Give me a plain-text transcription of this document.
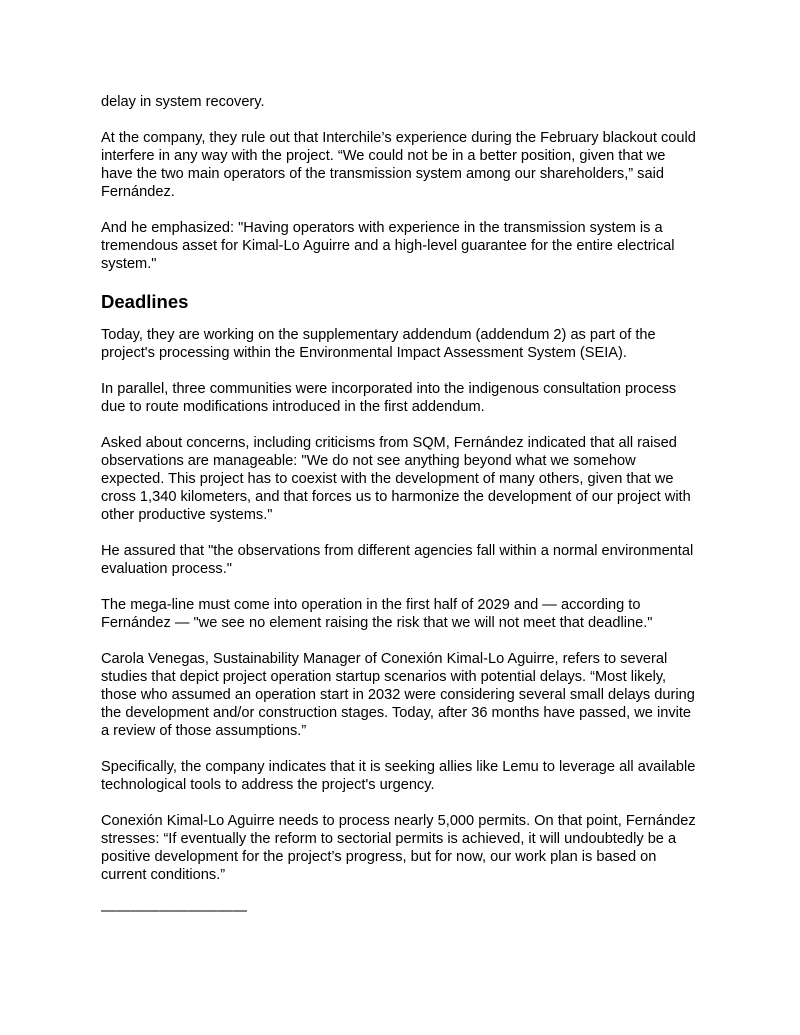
delay in system recovery.

At the company, they rule out that Interchile’s experience during the February blackout could interfere in any way with the project. “We could not be in a better position, given that we have the two main operators of the transmission system among our shareholders,” said Fernández.

And he emphasized: "Having operators with experience in the transmission system is a tremendous asset for Kimal-Lo Aguirre and a high-level guarantee for the entire electrical system."

Deadlines

Today, they are working on the supplementary addendum (addendum 2) as part of the project's processing within the Environmental Impact Assessment System (SEIA).

In parallel, three communities were incorporated into the indigenous consultation process due to route modifications introduced in the first addendum.

Asked about concerns, including criticisms from SQM, Fernández indicated that all raised observations are manageable: "We do not see anything beyond what we somehow expected. This project has to coexist with the development of many others, given that we cross 1,340 kilometers, and that forces us to harmonize the development of our project with other productive systems."

He assured that "the observations from different agencies fall within a normal environmental evaluation process."

The mega-line must come into operation in the first half of 2029 and — according to Fernández — "we see no element raising the risk that we will not meet that deadline."

Carola Venegas, Sustainability Manager of Conexión Kimal-Lo Aguirre, refers to several studies that depict project operation startup scenarios with potential delays. “Most likely, those who assumed an operation start in 2032 were considering several small delays during the development and/or construction stages. Today, after 36 months have passed, we invite a review of those assumptions.”

Specifically, the company indicates that it is seeking allies like Lemu to leverage all available technological tools to address the project's urgency.

Conexión Kimal-Lo Aguirre needs to process nearly 5,000 permits. On that point, Fernández stresses: “If eventually the reform to sectorial permits is achieved, it will undoubtedly be a positive development for the project’s progress, but for now, our work plan is based on current conditions.”

——————————
